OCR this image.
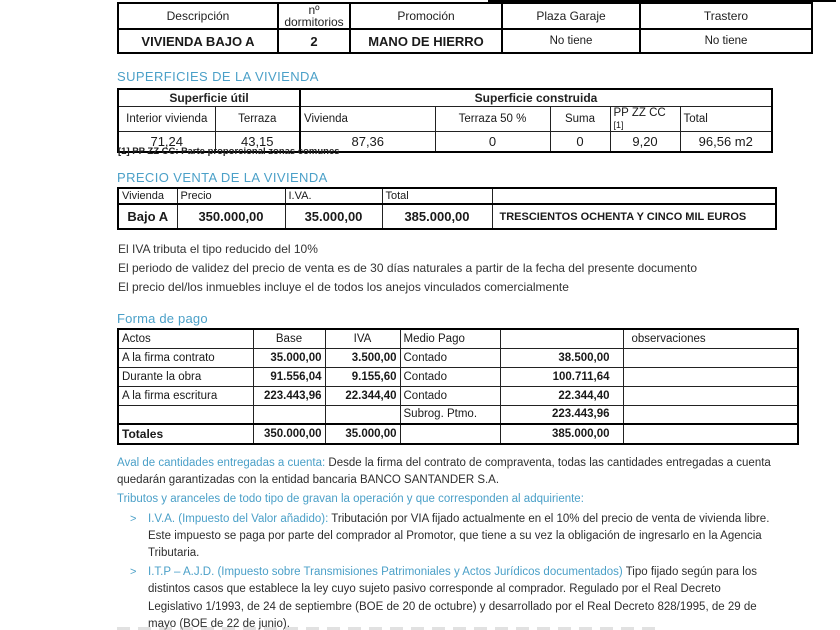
Descripción	nº dormitorios	Promoción	Plaza Garaje	Trastero
VIVIENDA BAJO A	2	MANO DE HIERRO	No tiene	No tiene
SUPERFICIES DE LA VIVIENDA
Superficie útil		Superficie construida				
Interior vivienda	Terraza	Vivienda	Terraza 50 %	Suma	PP ZZ CC [1]	Total
71,24	43,15	87,36	0	0	9,20	96,56 m2
[1] PP ZZ CC: Parte proporcional zonas comunes
PRECIO VENTA DE LA VIVIENDA
Vivienda	Precio	I.VA.	Total	
Bajo A	350.000,00	35.000,00	385.000,00	TRESCIENTOS OCHENTA Y CINCO MIL EUROS
El IVA tributa el tipo reducido del 10%
El periodo de validez del precio de venta es de 30 días naturales a partir de la fecha del presente documento
El precio del/los inmuebles incluye el de todos los anejos vinculados comercialmente
Forma de pago
Actos	Base	IVA	Medio Pago		observaciones
A la firma contrato	35.000,00	3.500,00	Contado	38.500,00	
Durante la obra	91.556,04	9.155,60	Contado	100.711,64	
A la firma escritura	223.443,96	22.344,40	Contado	22.344,40	
			Subrog. Ptmo.	223.443,96	
Totales	350.000,00	35.000,00		385.000,00	

Aval de cantidades entregadas a cuenta: Desde la firma del contrato de compraventa, todas las cantidades entregadas a cuenta quedarán garantizadas con la entidad bancaria BANCO SANTANDER S.A.

Tributos y aranceles de todo tipo de gravan la operación y que corresponden al adquiriente:

> I.V.A. (Impuesto del Valor añadido): Tributación por VIA fijado actualmente en el 10% del precio de venta de vivienda libre. Este impuesto se paga por parte del comprador al Promotor, que tiene a su vez la obligación de ingresarlo en la Agencia Tributaria.
> I.T.P – A.J.D. (Impuesto sobre Transmisiones Patrimoniales y Actos Jurídicos documentados) Tipo fijado según para los distintos casos que establece la ley cuyo sujeto pasivo corresponde al comprador. Regulado por el Real Decreto Legislativo 1/1993, de 24 de septiembre (BOE de 20 de octubre) y desarrollado por el Real Decreto 828/1995, de 29 de mayo (BOE de 22 de junio).
